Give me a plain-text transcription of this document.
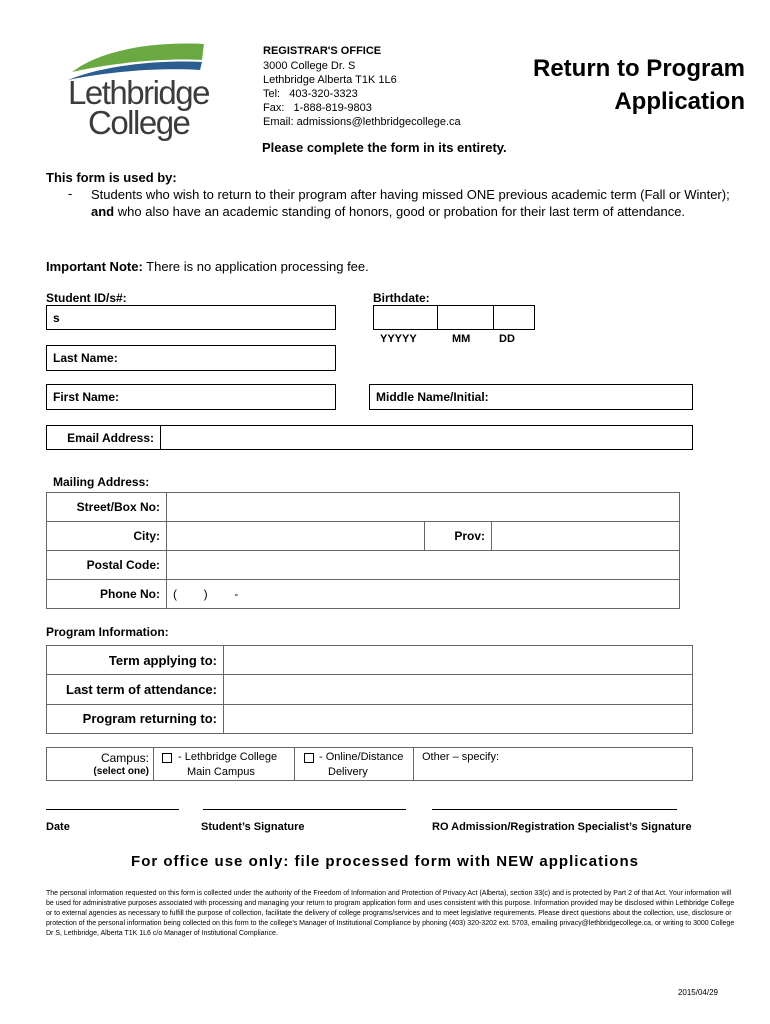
Lethbridge
College
REGISTRAR'S OFFICE
3000 College Dr. S
Lethbridge Alberta T1K 1L6
Tel:   403-320-3323
Fax:   1-888-819-9803
Email: admissions@lethbridgecollege.ca
Return to Program
Application
Please complete the form in its entirety.
This form is used by:
- Students who wish to return to their program after having missed ONE previous academic term (Fall or Winter); and who also have an academic standing of honors, good or probation for their last term of attendance.
Important Note: There is no application processing fee.
Student ID/s#:
s
Birthdate:
YYYYY	MM	DD
Last Name:
First Name:	Middle Name/Initial:
Email Address:
Mailing Address:
Street/Box No:			
City:		Prov:	
Postal Code:			
Phone No:	(        )        -		
Program Information:
Term applying to:	
Last term of attendance:	
Program returning to:	
Campus:
(select one)
- Lethbridge College
Main Campus
- Online/Distance
Delivery
Other – specify:
Date	Student’s Signature	RO Admission/Registration Specialist’s Signature
For office use only: file processed form with NEW applications
The personal information requested on this form is collected under the authority of the Freedom of Information and Protection of Privacy Act (Alberta), section 33(c) and is protected by Part 2 of that Act. Your information will be used for administrative purposes associated with processing and managing your return to program application form and uses consistent with this purpose. Information provided may be disclosed within Lethbridge College or to external agencies as necessary to fulfill the purpose of collection, facilitate the delivery of college programs/services and to meet legislative requirements. Please direct questions about the collection, use, disclosure or protection of the personal information being collected on this form to the college’s Manager of Institutional Compliance by phoning (403) 320-3202 ext. 5703, emailing privacy@lethbridgecollege.ca, or writing to 3000 College Dr S, Lethbridge, Alberta T1K 1L6 c/o Manager of Institutional Compliance.
2015/04/29
